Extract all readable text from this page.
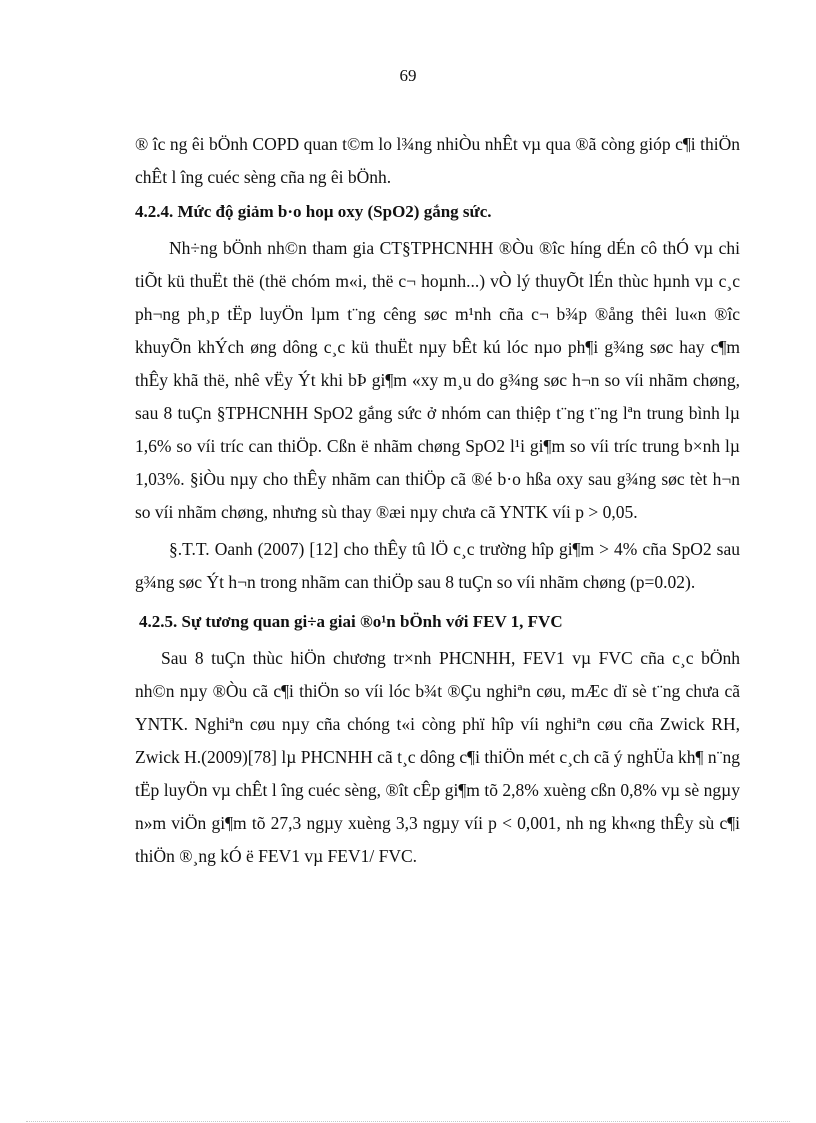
69

® îc ng êi bÖnh COPD quan t©m lo l¾ng nhiÒu nhÊt vµ qua ®ã còng gióp c¶i thiÖn chÊt l îng cuéc sèng cña ng êi bÖnh.

4.2.4. Mức độ giảm b·o hoµ oxy (SpO2) gắng sức.

Nh÷ng bÖnh nh©n tham gia CT§TPHCNHH ®Òu ®îc híng dÉn cô thÓ vµ chi tiÕt kü thuËt thë (thë chóm m«i, thë c¬ hoµnh...) vÒ lý thuyÕt lÉn thùc hµnh vµ c¸c ph¬ng ph¸p tËp luyÖn lµm t¨ng cêng søc m¹nh cña c¬ b¾p ®ång thêi lu«n ®îc khuyÕn khÝch øng dông c¸c kü thuËt nµy bÊt kú lóc nµo ph¶i g¾ng søc hay c¶m thÊy khã thë, nhê vËy Ýt khi bÞ gi¶m «xy m¸u do g¾ng søc h¬n so víi nhãm chøng, sau 8 tuÇn §TPHCNHH SpO2 gắng sức ở nhóm can thiệp t¨ng t¨ng lªn trung bình lµ 1,6% so víi tríc can thiÖp. Cßn ë nhãm chøng SpO2 l¹i gi¶m so víi tríc trung b×nh lµ 1,03%. §iÒu nµy cho thÊy nhãm can thiÖp cã ®é b·o hßa oxy sau g¾ng søc tèt h¬n so víi nhãm chøng, nhưng sù thay ®æi nµy chưa cã YNTK víi p > 0,05.

§.T.T. Oanh (2007) [12] cho thÊy tû lÖ c¸c trường hîp gi¶m > 4% cña SpO2 sau g¾ng søc Ýt h¬n trong nhãm can thiÖp sau 8 tuÇn so víi nhãm chøng (p=0.02).

4.2.5. Sự tương quan gi÷a giai ®o¹n bÖnh với FEV 1, FVC

Sau 8 tuÇn thùc hiÖn chương tr×nh PHCNHH, FEV1 vµ FVC cña c¸c bÖnh nh©n nµy ®Òu cã c¶i thiÖn so víi lóc b¾t ®Çu nghiªn cøu, mÆc dï sè t¨ng chưa cã YNTK. Nghiªn cøu nµy cña chóng t«i còng phï hîp víi nghiªn cøu cña Zwick RH, Zwick H.(2009)[78] lµ PHCNHH cã t¸c dông c¶i thiÖn mét c¸ch cã ý nghÜa kh¶ n¨ng tËp luyÖn vµ chÊt l îng cuéc sèng, ®ît cÊp gi¶m tõ 2,8% xuèng cßn 0,8% vµ sè ngµy n»m viÖn gi¶m tõ 27,3 ngµy xuèng 3,3 ngµy víi p < 0,001, nh ng kh«ng thÊy sù c¶i thiÖn ®¸ng kÓ ë FEV1 vµ FEV1/ FVC.
